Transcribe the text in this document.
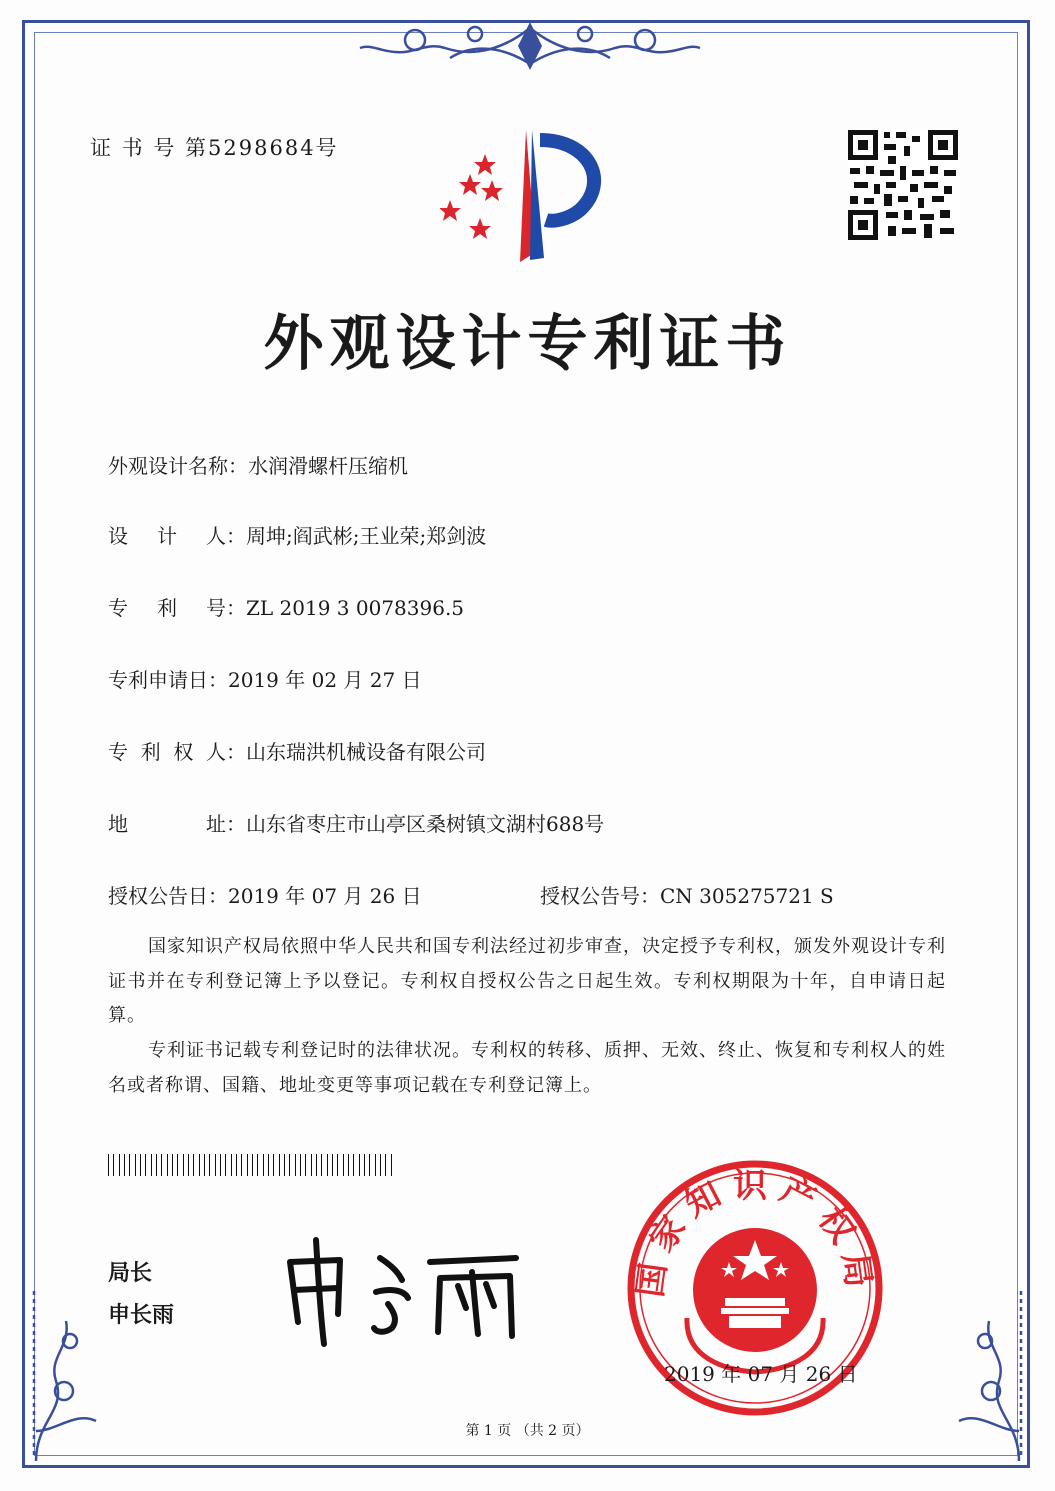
证 书 号 第5298684号
外观设计专利证书
外观设计名称：水润滑螺杆压缩机
设 计 人 ：周坤;阎武彬;王业荣;郑剑波
专 利 号 ：ZL 2019 3 0078396.5
专利申请日：2019 年 02 月 27 日
专 利 权 人 ：山东瑞洪机械设备有限公司
地	址 ：山东省枣庄市山亭区桑树镇文湖村688号
授权公告日：2019 年 07 月 26 日	授权公告号：CN 305275721 S
国家知识产权局依照中华人民共和国专利法经过初步审查，决定授予专利权，颁发外观设计专利证书并在专利登记簿上予以登记。专利权自授权公告之日起生效。专利权期限为十年，自申请日起算。
专利证书记载专利登记时的法律状况。专利权的转移、质押、无效、终止、恢复和专利权人的姓名或者称谓、国籍、地址变更等事项记载在专利登记簿上。
局长
申长雨
国家知识产权局
2019 年 07 月 26 日
第 1 页 （共 2 页）
